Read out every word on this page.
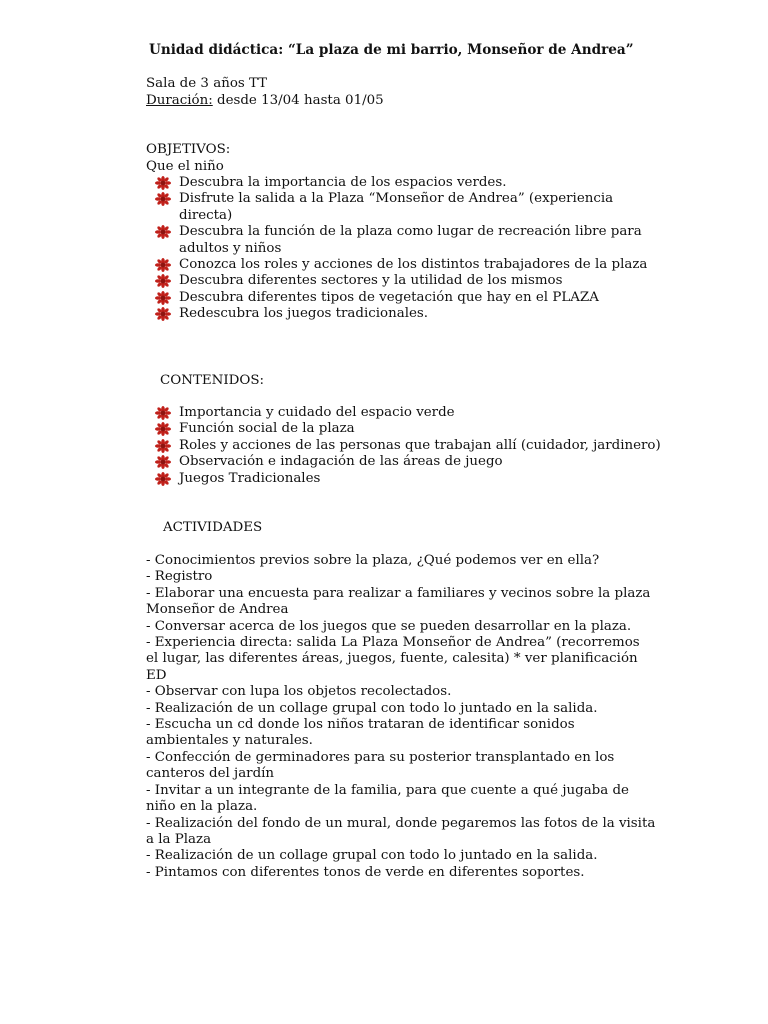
Unidad didáctica: “La plaza de mi barrio, Monseñor de Andrea”
Sala de 3 años TT
Duración: desde 13/04 hasta 01/05
OBJETIVOS:
Que el niño
Descubra la importancia de los espacios verdes.
Disfrute la salida a la Plaza “Monseñor de Andrea” (experiencia directa)
Descubra la función de la plaza como lugar de recreación libre para adultos y niños
Conozca los roles y acciones de los distintos trabajadores de la plaza
Descubra diferentes sectores y la utilidad de los mismos
Descubra diferentes tipos de vegetación que hay en el PLAZA
Redescubra los juegos tradicionales.
CONTENIDOS:
Importancia y cuidado del espacio verde
Función social de la plaza
Roles y acciones de las personas que trabajan allí (cuidador, jardinero)
Observación e indagación de las áreas de juego
Juegos Tradicionales
ACTIVIDADES
- Conocimientos previos sobre la plaza, ¿Qué podemos ver en ella?
- Registro
- Elaborar una encuesta para realizar a familiares y vecinos sobre la plaza Monseñor de Andrea
- Conversar acerca de los juegos que se pueden desarrollar en la plaza.
- Experiencia directa: salida La Plaza Monseñor de Andrea” (recorremos el lugar, las diferentes áreas, juegos, fuente, calesita) * ver planificación ED
- Observar con lupa los objetos recolectados.
- Realización de un collage grupal con todo lo juntado en la salida.
- Escucha un cd donde los niños trataran de identificar sonidos ambientales y naturales.
- Confección de germinadores para su posterior transplantado en los canteros del jardín
- Invitar a un integrante de la familia, para que cuente a qué jugaba de niño en la plaza.
- Realización del fondo de un mural, donde pegaremos las fotos de la visita a la Plaza
- Realización de un collage grupal con todo lo juntado en la salida.
- Pintamos con diferentes tonos de verde en diferentes soportes.
